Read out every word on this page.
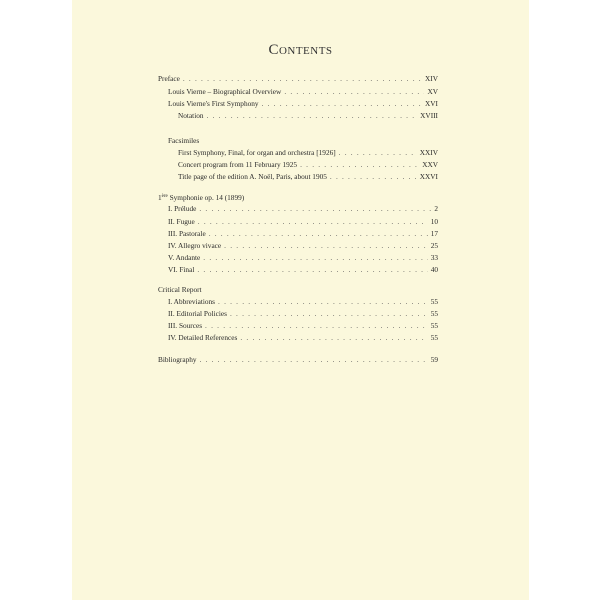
Contents
Preface . . .	XIV
Louis Vierne – Biographical Overview . . .	XV
Louis Vierne's First Symphony . . .	XVI
Notation . . .	XVIII
Facsimiles
First Symphony, Final, for organ and orchestra [1926] . . .	XXIV
Concert program from 11 February 1925 . . .	XXV
Title page of the edition A. Noël, Paris, about 1905 . . .	XXVI
1ère Symphonie op. 14 (1899)
I. Prélude . . .	2
II. Fugue . . .	10
III. Pastorale . . .	17
IV. Allegro vivace . . .	25
V. Andante . . .	33
VI. Final . . .	40
Critical Report
I. Abbreviations . . .	55
II. Editorial Policies . . .	55
III. Sources . . .	55
IV. Detailed References . . .	55
Bibliography . . .	59
